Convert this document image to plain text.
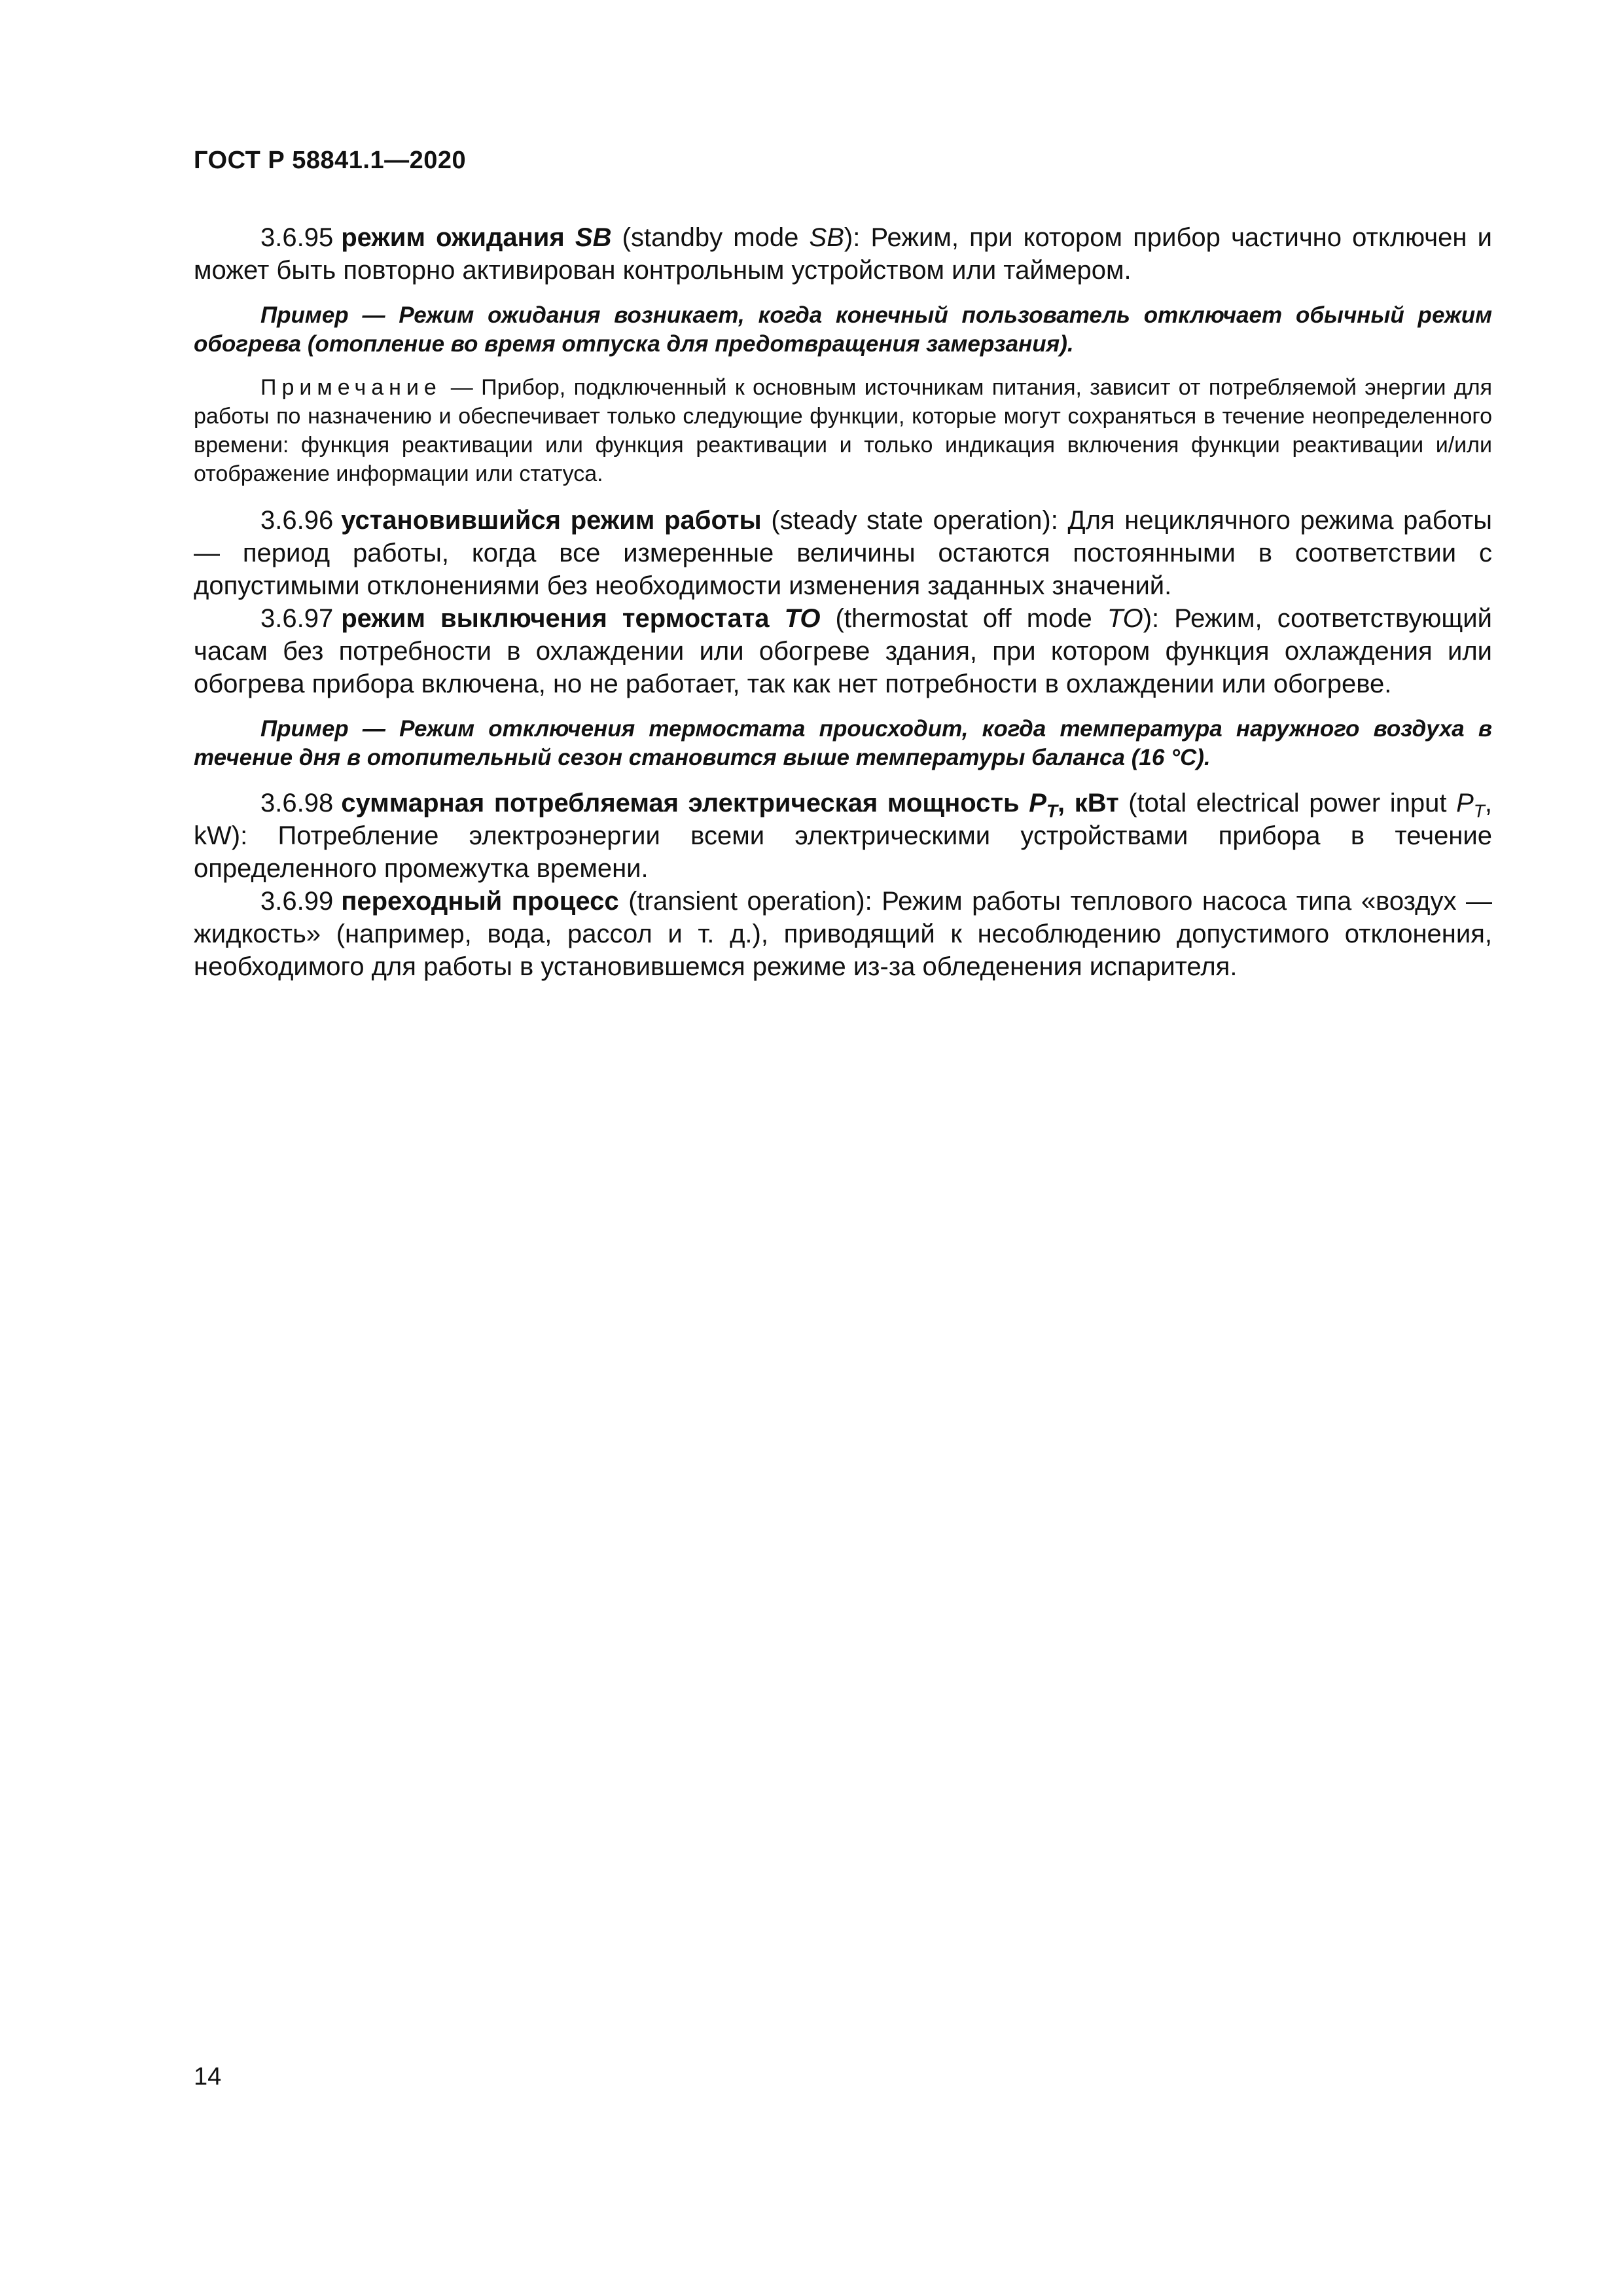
ГОСТ Р 58841.1—2020

3.6.95 режим ожидания SB (standby mode SB): Режим, при котором прибор частично отключен и может быть повторно активирован контрольным устройством или таймером.

Пример — Режим ожидания возникает, когда конечный пользователь отключает обычный режим обогрева (отопление во время отпуска для предотвращения замерзания).

Примечание — Прибор, подключенный к основным источникам питания, зависит от потребляемой энергии для работы по назначению и обеспечивает только следующие функции, которые могут сохраняться в течение неопределенного времени: функция реактивации или функция реактивации и только индикация включения функции реактивации и/или отображение информации или статуса.

3.6.96 установившийся режим работы (steady state operation): Для нециклячного режима работы — период работы, когда все измеренные величины остаются постоянными в соответствии с допустимыми отклонениями без необходимости изменения заданных значений.

3.6.97 режим выключения термостата TO (thermostat off mode TO): Режим, соответствующий часам без потребности в охлаждении или обогреве здания, при котором функция охлаждения или обогрева прибора включена, но не работает, так как нет потребности в охлаждении или обогреве.

Пример — Режим отключения термостата происходит, когда температура наружного воздуха в течение дня в отопительный сезон становится выше температуры баланса (16 °С).

3.6.98 суммарная потребляемая электрическая мощность $P_T$, кВт (total electrical power input $P_T$, kW): Потребление электроэнергии всеми электрическими устройствами прибора в течение определенного промежутка времени.

3.6.99 переходный процесс (transient operation): Режим работы теплового насоса типа «воздух — жидкость» (например, вода, рассол и т. д.), приводящий к несоблюдению допустимого отклонения, необходимого для работы в установившемся режиме из-за обледенения испарителя.

14
